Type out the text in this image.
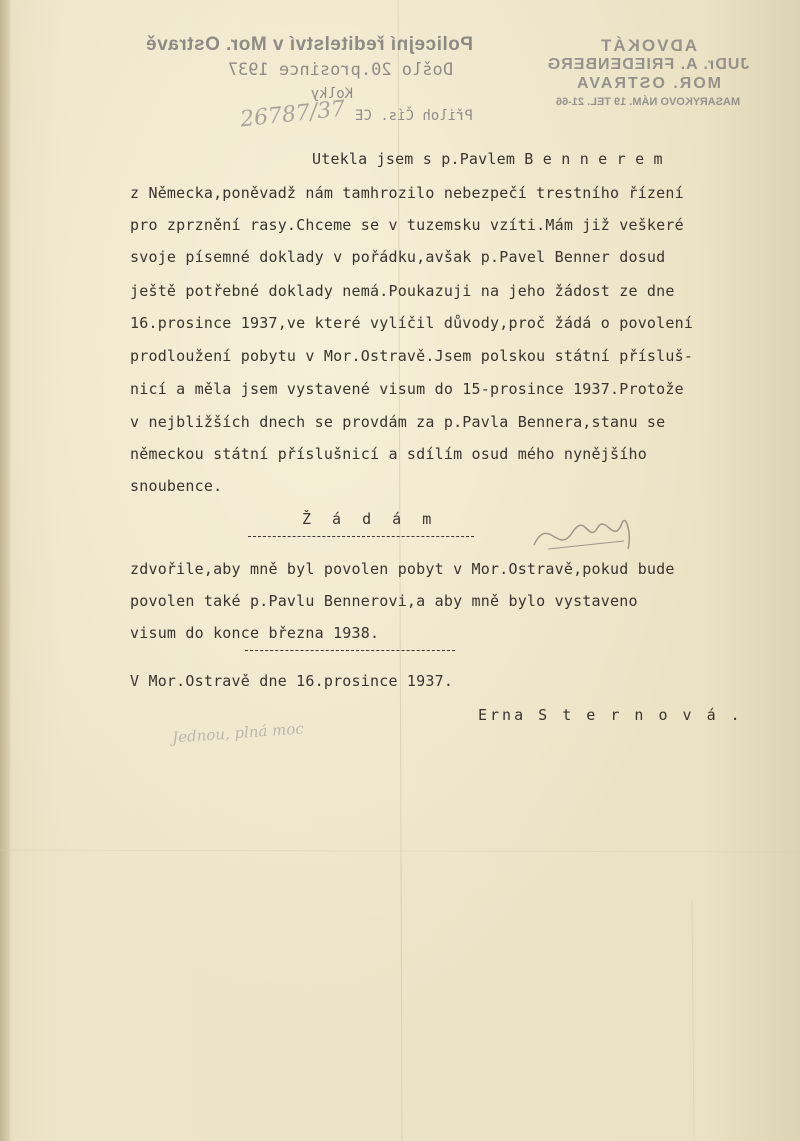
Policejní ředitelství v Mor. Ostravě
Došlo 20.prosince 1937
Kolky
Přiloh Čís. CE
ADVOKÁT
JUDr. A. FRIEDENBERG
MOR. OSTRAVA
MASARYKOVO NÁM. 19 TEL. 21-66
26787/37
Utekla jsem s p.Pavlem B e n n e r e m
z Německa,poněvadž nám tamhrozilo nebezpečí trestního řízení
pro zprznění rasy.Chceme se v tuzemsku vzíti.Mám již veškeré
svoje písemné doklady v pořádku,avšak p.Pavel Benner dosud
ještě potřebné doklady nemá.Poukazuji na jeho žádost ze dne
16.prosince 1937,ve které vylíčil důvody,proč žádá o povolení
prodloužení pobytu v Mor.Ostravě.Jsem polskou státní přísluš-
nicí a měla jsem vystavené visum do 15-prosince 1937.Protože
v nejbližších dnech se provdám za p.Pavla Bennera,stanu se
německou státní příslušnicí a sdílím osud mého nynějšího
snoubence.
Ž á d á m
zdvořile,aby mně byl povolen pobyt v Mor.Ostravě,pokud bude
povolen také p.Pavlu Bennerovi,a aby mně bylo vystaveno
visum do konce března 1938.
V Mor.Ostravě dne 16.prosince 1937.
Erna S t e r n o v á .
Jednou, plná moc
